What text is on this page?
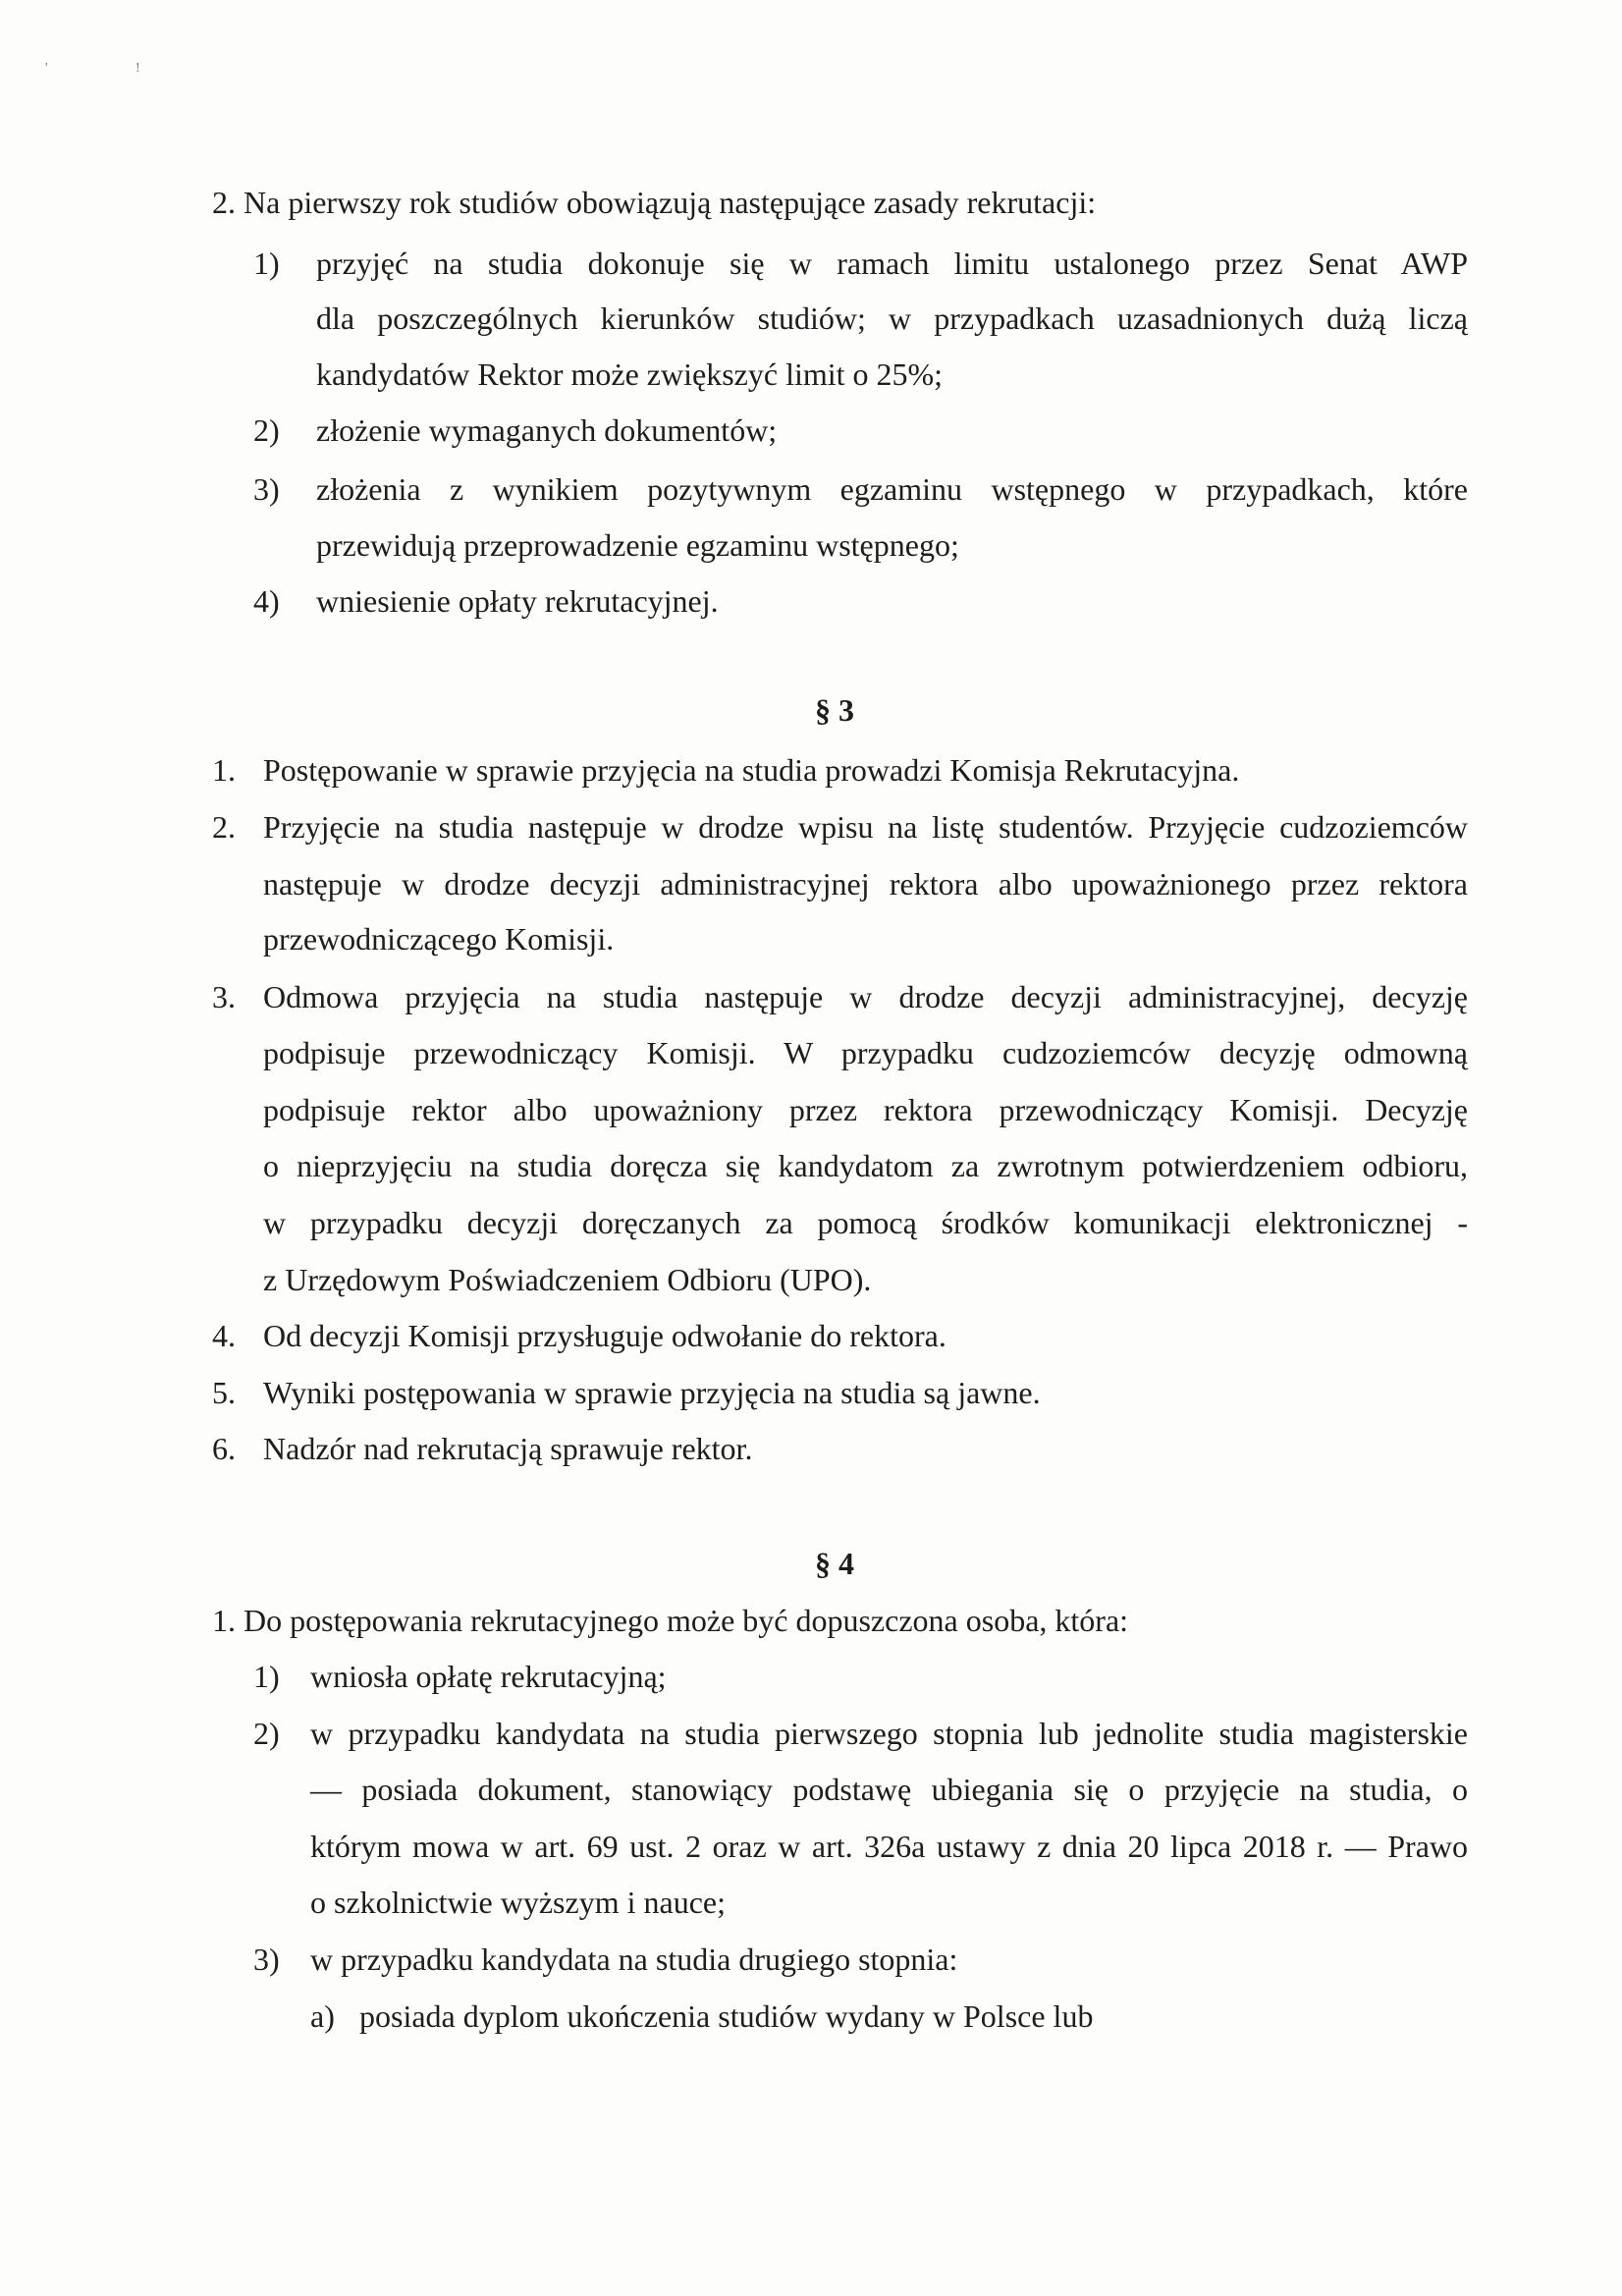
'	!
2. Na pierwszy rok studiów obowiązują następujące zasady rekrutacji:
1) przyjęć na studia dokonuje się w ramach limitu ustalonego przez Senat AWP
dla poszczególnych kierunków studiów; w przypadkach uzasadnionych dużą liczą
kandydatów Rektor może zwiększyć limit o 25%;
2) złożenie wymaganych dokumentów;
3) złożenia z wynikiem pozytywnym egzaminu wstępnego w przypadkach, które
przewidują przeprowadzenie egzaminu wstępnego;
4) wniesienie opłaty rekrutacyjnej.
§ 3
1. Postępowanie w sprawie przyjęcia na studia prowadzi Komisja Rekrutacyjna.
2. Przyjęcie na studia następuje w drodze wpisu na listę studentów. Przyjęcie cudzoziemców
następuje w drodze decyzji administracyjnej rektora albo upoważnionego przez rektora
przewodniczącego Komisji.
3. Odmowa przyjęcia na studia następuje w drodze decyzji administracyjnej, decyzję
podpisuje przewodniczący Komisji. W przypadku cudzoziemców decyzję odmowną
podpisuje rektor albo upoważniony przez rektora przewodniczący Komisji. Decyzję
o nieprzyjęciu na studia doręcza się kandydatom za zwrotnym potwierdzeniem odbioru,
w przypadku decyzji doręczanych za pomocą środków komunikacji elektronicznej -
z Urzędowym Poświadczeniem Odbioru (UPO).
4. Od decyzji Komisji przysługuje odwołanie do rektora.
5. Wyniki postępowania w sprawie przyjęcia na studia są jawne.
6. Nadzór nad rekrutacją sprawuje rektor.
§ 4
1. Do postępowania rekrutacyjnego może być dopuszczona osoba, która:
1) wniosła opłatę rekrutacyjną;
2) w przypadku kandydata na studia pierwszego stopnia lub jednolite studia magisterskie
— posiada dokument, stanowiący podstawę ubiegania się o przyjęcie na studia, o
którym mowa w art. 69 ust. 2 oraz w art. 326a ustawy z dnia 20 lipca 2018 r. — Prawo
o szkolnictwie wyższym i nauce;
3) w przypadku kandydata na studia drugiego stopnia:
a) posiada dyplom ukończenia studiów wydany w Polsce lub
